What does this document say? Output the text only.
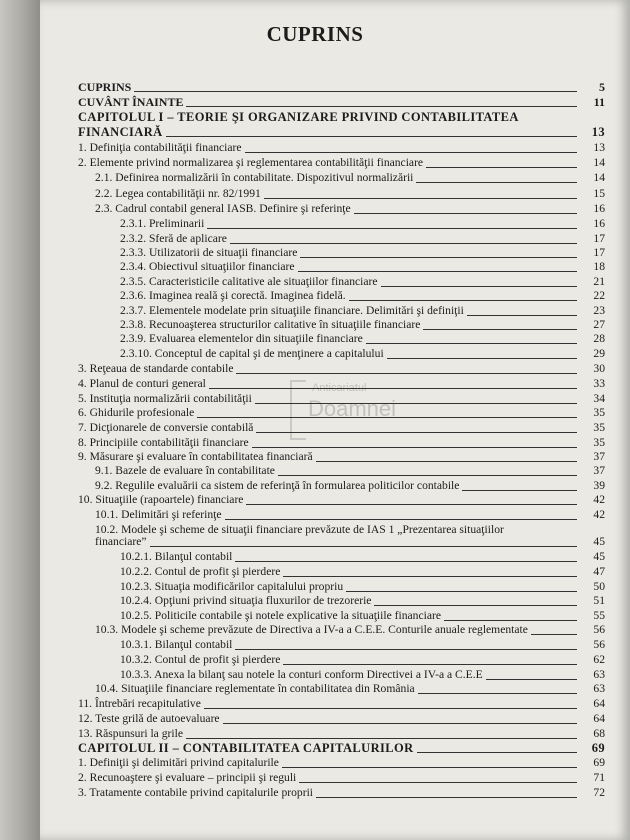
CUPRINS
Anticariatul
Doamnei
CUPRINS	5
CUVÂNT ÎNAINTE	11
CAPITOLUL I – TEORIE ŞI ORGANIZARE PRIVIND CONTABILITATEA
FINANCIARĂ	13
1. Definiţia contabilităţii financiare	13
2. Elemente privind normalizarea şi reglementarea contabilităţii financiare	14
2.1. Definirea normalizării în contabilitate. Dispozitivul normalizării	14
2.2. Legea contabilităţii nr. 82/1991	15
2.3. Cadrul contabil general IASB. Definire şi referinţe	16
2.3.1. Preliminarii	16
2.3.2. Sferă de aplicare	17
2.3.3. Utilizatorii de situaţii financiare	17
2.3.4. Obiectivul situaţiilor financiare	18
2.3.5. Caracteristicile calitative ale situaţiilor financiare	21
2.3.6. Imaginea reală şi corectă. Imaginea fidelă.	22
2.3.7. Elementele modelate prin situaţiile financiare. Delimitări şi definiţii	23
2.3.8. Recunoaşterea structurilor calitative în situaţiile financiare	27
2.3.9. Evaluarea elementelor din situaţiile financiare	28
2.3.10. Conceptul de capital şi de menţinere a capitalului	29
3. Reţeaua de standarde contabile	30
4. Planul de conturi general	33
5. Instituţia normalizării contabilităţii	34
6. Ghidurile profesionale	35
7. Dicţionarele de conversie contabilă	35
8. Principiile contabilităţii financiare	35
9. Măsurare şi evaluare în contabilitatea financiară	37
9.1. Bazele de evaluare în contabilitate	37
9.2. Regulile evaluării ca sistem de referinţă în formularea politicilor contabile	39
10. Situaţiile (rapoartele) financiare	42
10.1. Delimitări şi referinţe	42
10.2. Modele şi scheme de situaţii financiare prevăzute de IAS 1 „Prezentarea situaţiilor
financiare”	45
10.2.1. Bilanţul contabil	45
10.2.2. Contul de profit şi pierdere	47
10.2.3. Situaţia modificărilor capitalului propriu	50
10.2.4. Opţiuni privind situaţia fluxurilor de trezorerie	51
10.2.5. Politicile contabile şi notele explicative la situaţiile financiare	55
10.3. Modele şi scheme prevăzute de Directiva a IV-a a C.E.E. Conturile anuale reglementate	56
10.3.1. Bilanţul contabil	56
10.3.2. Contul de profit şi pierdere	62
10.3.3. Anexa la bilanţ sau notele la conturi conform Directivei a IV-a a C.E.E	63
10.4. Situaţiile financiare reglementate în contabilitatea din România	63
11. Întrebări recapitulative	64
12. Teste grilă de autoevaluare	64
13. Răspunsuri la grile	68
CAPITOLUL II – CONTABILITATEA CAPITALURILOR	69
1. Definiţii şi delimitări privind capitalurile	69
2. Recunoaştere şi evaluare – principii şi reguli	71
3. Tratamente contabile privind capitalurile proprii	72
